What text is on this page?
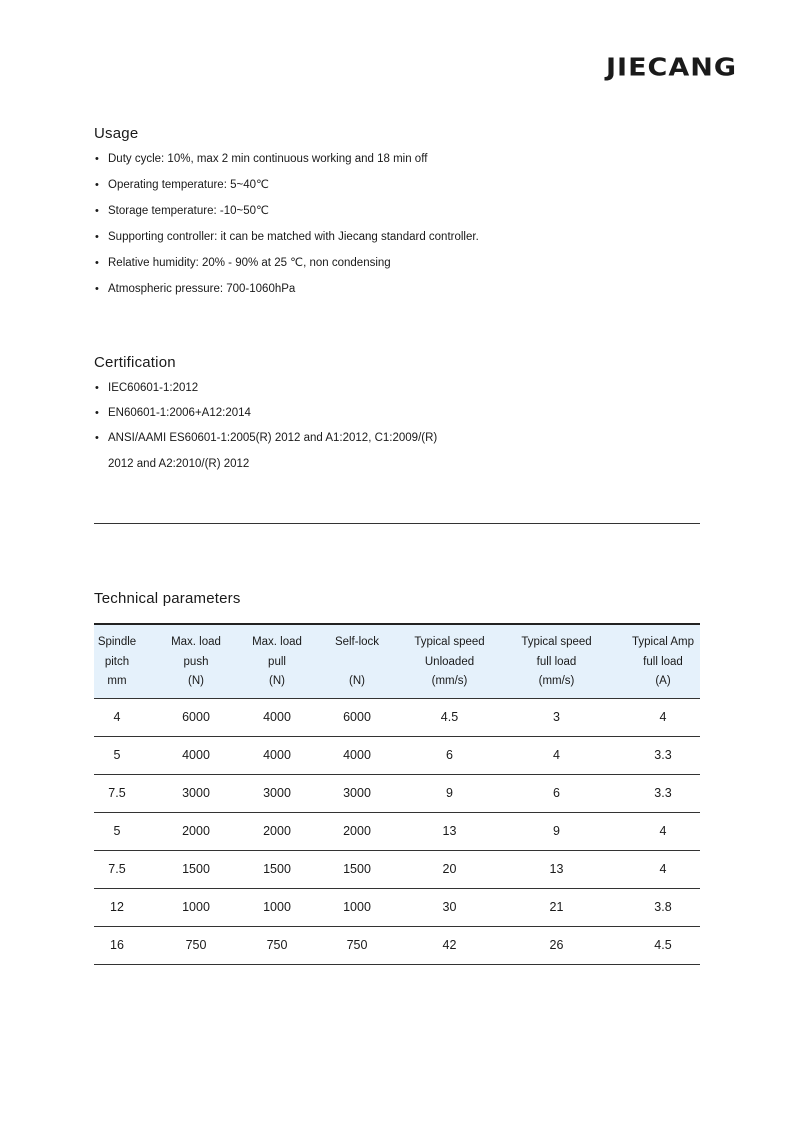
JIECANG
Usage
• Duty cycle: 10%, max 2 min continuous working and 18 min off
• Operating temperature: 5~40℃
• Storage temperature: -10~50℃
• Supporting controller: it can be matched with Jiecang standard controller.
• Relative humidity: 20% - 90% at 25 ℃, non condensing
• Atmospheric pressure: 700-1060hPa
Certification
• IEC60601-1:2012
• EN60601-1:2006+A12:2014
• ANSI/AAMI ES60601-1:2005(R) 2012 and A1:2012, C1:2009/(R)
2012 and A2:2010/(R) 2012
Technical parameters
Spindle
pitch
mm	Max. load
push
(N)	Max. load
pull
(N)	Self-lock

(N)	Typical speed
Unloaded
(mm/s)	Typical speed
full load
(mm/s)	Typical Amp
full load
(A)
4	6000	4000	6000	4.5	3	4
5	4000	4000	4000	6	4	3.3
7.5	3000	3000	3000	9	6	3.3
5	2000	2000	2000	13	9	4
7.5	1500	1500	1500	20	13	4
12	1000	1000	1000	30	21	3.8
16	750	750	750	42	26	4.5
